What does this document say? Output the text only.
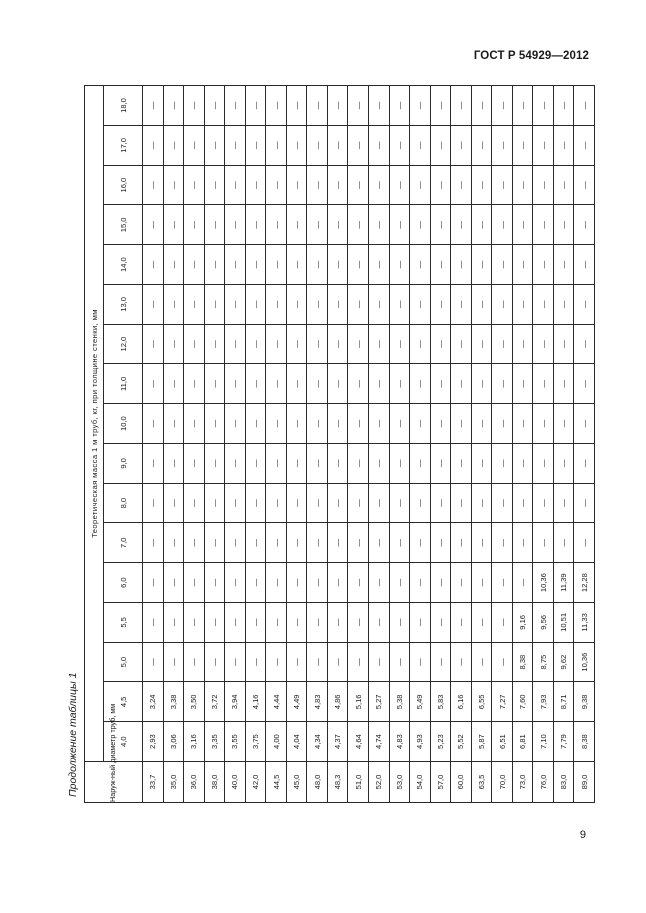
ГОСТ Р 54929—2012
Продолжение таблицы 1	Наруж-ный диаметр труб, мм	Теоретическая масса 1 м труб, кг, при толщине стенки, мм																
	4,0	4,5	5,0	5,5	6,0	7,0	8,0	9,0	10,0	11,0	12,0	13,0	14,0	15,0	16,0	17,0	18,0
33,7	2,93	3,24	—	—	—	—	—	—	—	—	—	—	—	—	—	—	—
35,0	3,06	3,38	—	—	—	—	—	—	—	—	—	—	—	—	—	—	—
36,0	3,16	3,50	—	—	—	—	—	—	—	—	—	—	—	—	—	—	—
38,0	3,35	3,72	—	—	—	—	—	—	—	—	—	—	—	—	—	—	—
40,0	3,55	3,94	—	—	—	—	—	—	—	—	—	—	—	—	—	—	—
42,0	3,75	4,16	—	—	—	—	—	—	—	—	—	—	—	—	—	—	—
44,5	4,00	4,44	—	—	—	—	—	—	—	—	—	—	—	—	—	—	—
45,0	4,04	4,49	—	—	—	—	—	—	—	—	—	—	—	—	—	—	—
48,0	4,34	4,83	—	—	—	—	—	—	—	—	—	—	—	—	—	—	—
48,3	4,37	4,86	—	—	—	—	—	—	—	—	—	—	—	—	—	—	—
51,0	4,64	5,16	—	—	—	—	—	—	—	—	—	—	—	—	—	—	—
52,0	4,74	5,27	—	—	—	—	—	—	—	—	—	—	—	—	—	—	—
53,0	4,83	5,38	—	—	—	—	—	—	—	—	—	—	—	—	—	—	—
54,0	4,93	5,49	—	—	—	—	—	—	—	—	—	—	—	—	—	—	—
57,0	5,23	5,83	—	—	—	—	—	—	—	—	—	—	—	—	—	—	—
60,0	5,52	6,16	—	—	—	—	—	—	—	—	—	—	—	—	—	—	—
63,5	5,87	6,55	—	—	—	—	—	—	—	—	—	—	—	—	—	—	—
70,0	6,51	7,27	—	—	—	—	—	—	—	—	—	—	—	—	—	—	—
73,0	6,81	7,60	8,38	9,16	—	—	—	—	—	—	—	—	—	—	—	—	—
76,0	7,10	7,93	8,75	9,56	10,36	—	—	—	—	—	—	—	—	—	—	—	—
83,0	7,79	8,71	9,62	10,51	11,39	—	—	—	—	—	—	—	—	—	—	—	—
89,0	8,38	9,38	10,36	11,33	12,28	—	—	—	—	—	—	—	—	—	—	—	—
9
